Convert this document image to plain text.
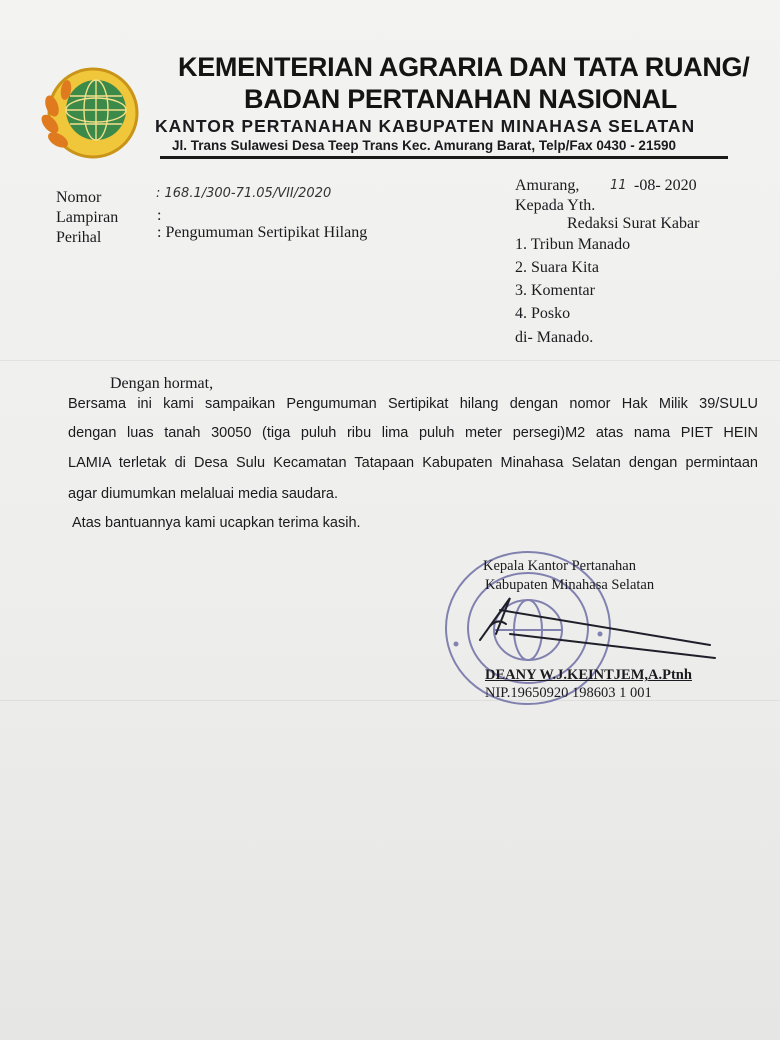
KEMENTERIAN AGRARIA DAN TATA RUANG/
BADAN PERTANAHAN NASIONAL
KANTOR PERTANAHAN KABUPATEN MINAHASA SELATAN
Jl. Trans Sulawesi Desa Teep Trans Kec. Amurang Barat, Telp/Fax 0430 - 21590
Nomor	: 168.1/300-71.05/VII/2020
Lampiran :
Perihal	: Pengumuman Sertipikat Hilang
Amurang, 11 -08- 2020
Kepada Yth.
Redaksi Surat Kabar
1. Tribun Manado
2. Suara Kita
3. Komentar
4. Posko
di- Manado.
Dengan hormat,
Bersama ini kami sampaikan Pengumuman Sertipikat hilang dengan nomor Hak Milik 39/SULU
dengan luas tanah 30050 (tiga puluh ribu lima puluh meter persegi)M2 atas nama PIET HEIN
LAMIA terletak di Desa Sulu Kecamatan Tatapaan Kabupaten Minahasa Selatan dengan permintaan
agar diumumkan melaluai media saudara.
Atas bantuannya kami ucapkan terima kasih.
Kepala Kantor Pertanahan
Kabupaten Minahasa Selatan
DEANY W.J.KEINTJEM,A.Ptnh
NIP.19650920 198603 1 001
